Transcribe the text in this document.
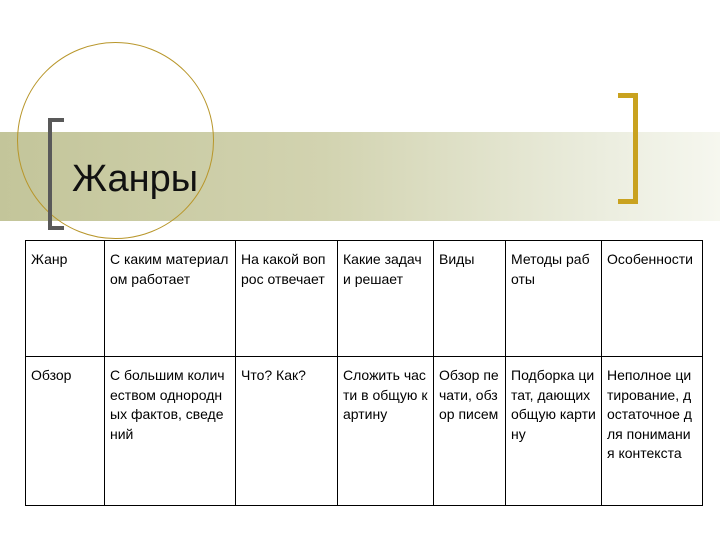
Жанры
Жанр	С каким материалом работает	На какой вопрос отвечает	Какие задачи решает	Виды	Методы работы	Особенности
Обзор	С большим количеством однородных фактов, сведений	Что? Как?	Сложить части в общую картину	Обзор печати, обзор писем	Подборка цитат, дающих общую картину	Неполное цитирование, достаточное для понимания контекста
